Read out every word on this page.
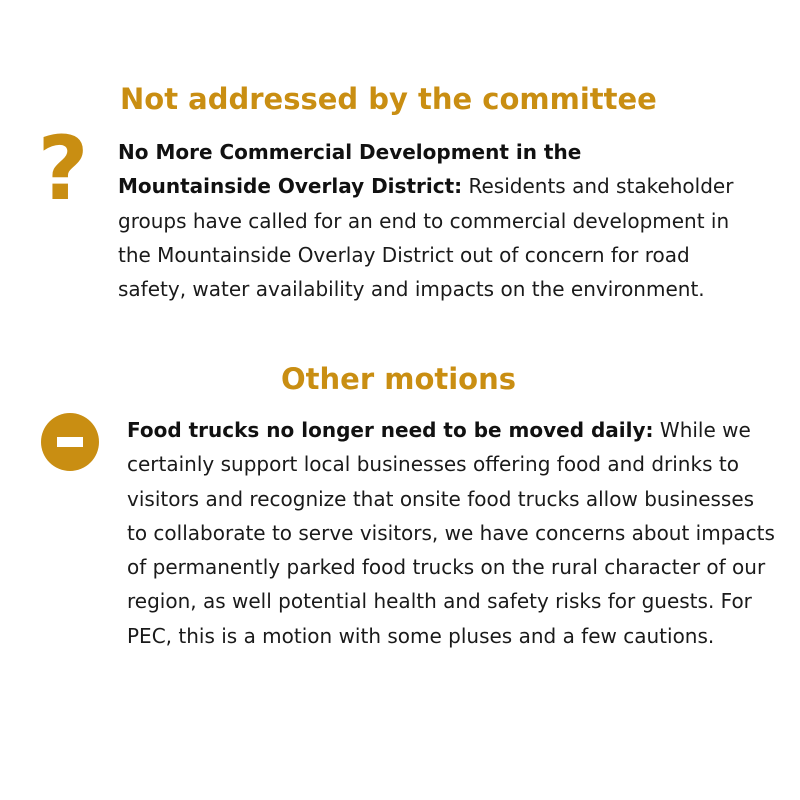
Not addressed by the committee
? No More Commercial Development in the Mountainside Overlay District: Residents and stakeholder groups have called for an end to commercial development in the Mountainside Overlay District out of concern for road safety, water availability and impacts on the environment.
Other motions
Food trucks no longer need to be moved daily: While we certainly support local businesses offering food and drinks to visitors and recognize that onsite food trucks allow businesses to collaborate to serve visitors, we have concerns about impacts of permanently parked food trucks on the rural character of our region, as well potential health and safety risks for guests. For PEC, this is a motion with some pluses and a few cautions.
